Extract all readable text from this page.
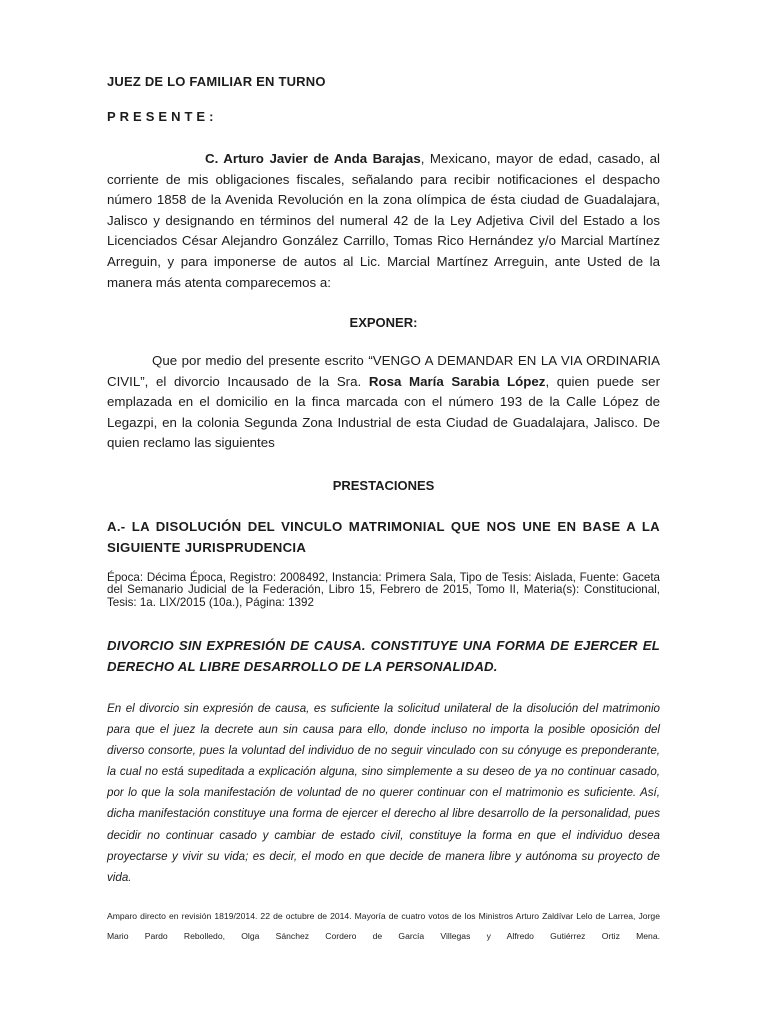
JUEZ DE LO FAMILIAR EN TURNO

PRESENTE:

C. Arturo Javier de Anda Barajas, Mexicano, mayor de edad, casado, al corriente de mis obligaciones fiscales, señalando para recibir notificaciones el despacho número 1858 de la Avenida Revolución en la zona olímpica de ésta ciudad de Guadalajara, Jalisco y designando en términos del numeral 42 de la Ley Adjetiva Civil del Estado a los Licenciados César Alejandro González Carrillo, Tomas Rico Hernández y/o Marcial Martínez Arreguin, y para imponerse de autos al Lic. Marcial Martínez Arreguin, ante Usted de la manera más atenta comparecemos a:

EXPONER:

Que por medio del presente escrito “VENGO A DEMANDAR EN LA VIA ORDINARIA CIVIL”, el divorcio Incausado de la Sra. Rosa María Sarabia López, quien puede ser emplazada en el domicilio en la finca marcada con el número 193 de la Calle López de Legazpi, en la colonia Segunda Zona Industrial de esta Ciudad de Guadalajara, Jalisco. De quien reclamo las siguientes

PRESTACIONES

A.- LA DISOLUCIÓN DEL VINCULO MATRIMONIAL QUE NOS UNE EN BASE A LA SIGUIENTE JURISPRUDENCIA

Época: Décima Época, Registro: 2008492, Instancia: Primera Sala, Tipo de Tesis: Aislada, Fuente: Gaceta del Semanario Judicial de la Federación, Libro 15, Febrero de 2015, Tomo II, Materia(s): Constitucional, Tesis: 1a. LIX/2015 (10a.), Página: 1392

DIVORCIO SIN EXPRESIÓN DE CAUSA. CONSTITUYE UNA FORMA DE EJERCER EL DERECHO AL LIBRE DESARROLLO DE LA PERSONALIDAD.

En el divorcio sin expresión de causa, es suficiente la solicitud unilateral de la disolución del matrimonio para que el juez la decrete aun sin causa para ello, donde incluso no importa la posible oposición del diverso consorte, pues la voluntad del individuo de no seguir vinculado con su cónyuge es preponderante, la cual no está supeditada a explicación alguna, sino simplemente a su deseo de ya no continuar casado, por lo que la sola manifestación de voluntad de no querer continuar con el matrimonio es suficiente. Así, dicha manifestación constituye una forma de ejercer el derecho al libre desarrollo de la personalidad, pues decidir no continuar casado y cambiar de estado civil, constituye la forma en que el individuo desea proyectarse y vivir su vida; es decir, el modo en que decide de manera libre y autónoma su proyecto de vida.

Amparo directo en revisión 1819/2014. 22 de octubre de 2014. Mayoría de cuatro votos de los Ministros Arturo Zaldívar Lelo de Larrea, Jorge Mario Pardo Rebolledo, Olga Sánchez Cordero de García Villegas y Alfredo Gutiérrez Ortiz Mena.
